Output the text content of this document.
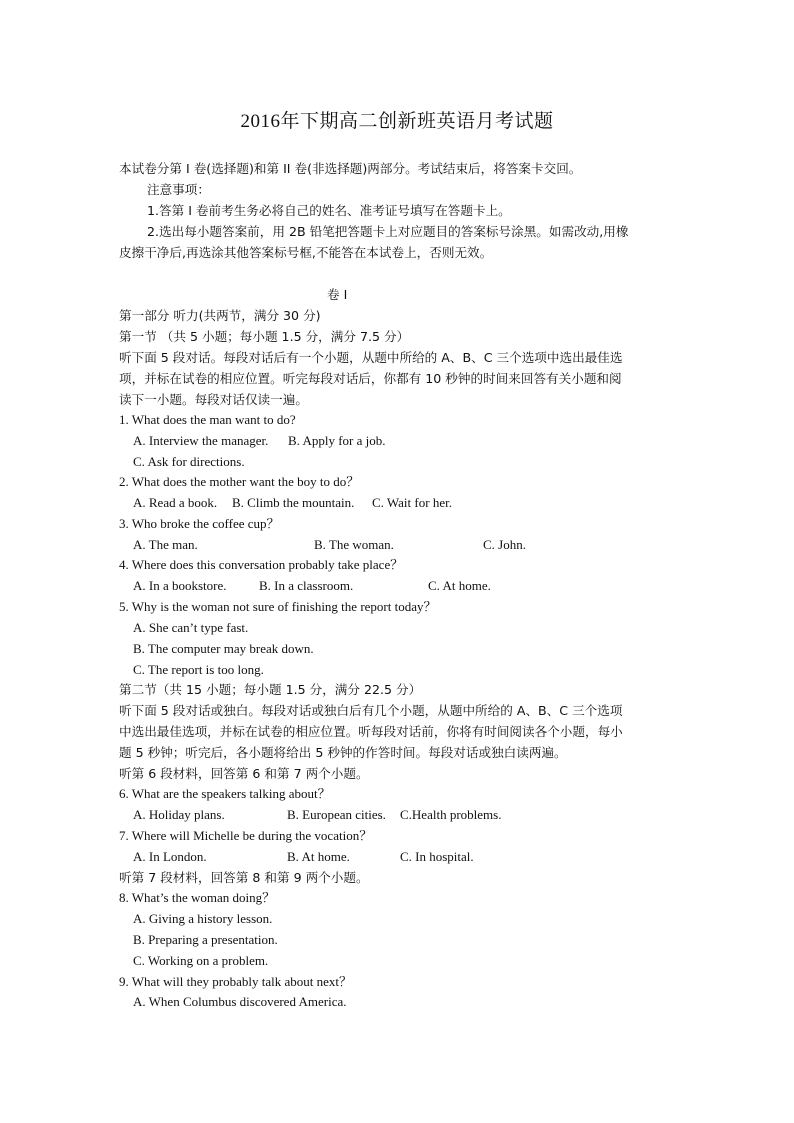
2016年下期高二创新班英语月考试题
本试卷分第 I 卷(选择题)和第 II 卷(非选择题)两部分。考试结束后，将答案卡交回。
注意事项：
1.答第 I 卷前考生务必将自己的姓名、准考证号填写在答题卡上。
2.选出每小题答案前，用 2B 铅笔把答题卡上对应题目的答案标号涂黑。如需改动,用橡
皮擦干净后,再选涂其他答案标号框,不能答在本试卷上，否则无效。
卷 I
第一部分 听力(共两节，满分 30 分)
第一节 （共 5 小题；每小题 1.5 分，满分 7.5 分）
听下面 5 段对话。每段对话后有一个小题，从题中所给的 A、B、C 三个选项中选出最佳选
项，并标在试卷的相应位置。听完每段对话后，你都有 10 秒钟的时间来回答有关小题和阅
读下一小题。每段对话仅读一遍。
1. What does the man want to do?
A. Interview the manager. B. Apply for a job.
C. Ask for directions.
2. What does the mother want the boy to do？
A. Read a book. B. Climb the mountain. C. Wait for her.
3. Who broke the coffee cup？
A. The man.	B. The woman.	C. John.
4. Where does this conversation probably take place？
A. In a bookstore. B. In a classroom.	C. At home.
5. Why is the woman not sure of finishing the report today？
A. She can’t type fast.
B. The computer may break down.
C. The report is too long.
第二节（共 15 小题；每小题 1.5 分，满分 22.5 分）
听下面 5 段对话或独白。每段对话或独白后有几个小题，从题中所给的 A、B、C 三个选项
中选出最佳选项，并标在试卷的相应位置。听每段对话前，你将有时间阅读各个小题，每小
题 5 秒钟；听完后，各小题将给出 5 秒钟的作答时间。每段对话或独白读两遍。
听第 6 段材料，回答第 6 和第 7 两个小题。
6. What are the speakers talking about？
A. Holiday plans.	B. European cities. C.Health problems.
7. Where will Michelle be during the vocation？
A. In London.	B. At home.	C. In hospital.
听第 7 段材料，回答第 8 和第 9 两个小题。
8. What’s the woman doing？
A. Giving a history lesson.
B. Preparing a presentation.
C. Working on a problem.
9. What will they probably talk about next？
A. When Columbus discovered America.
